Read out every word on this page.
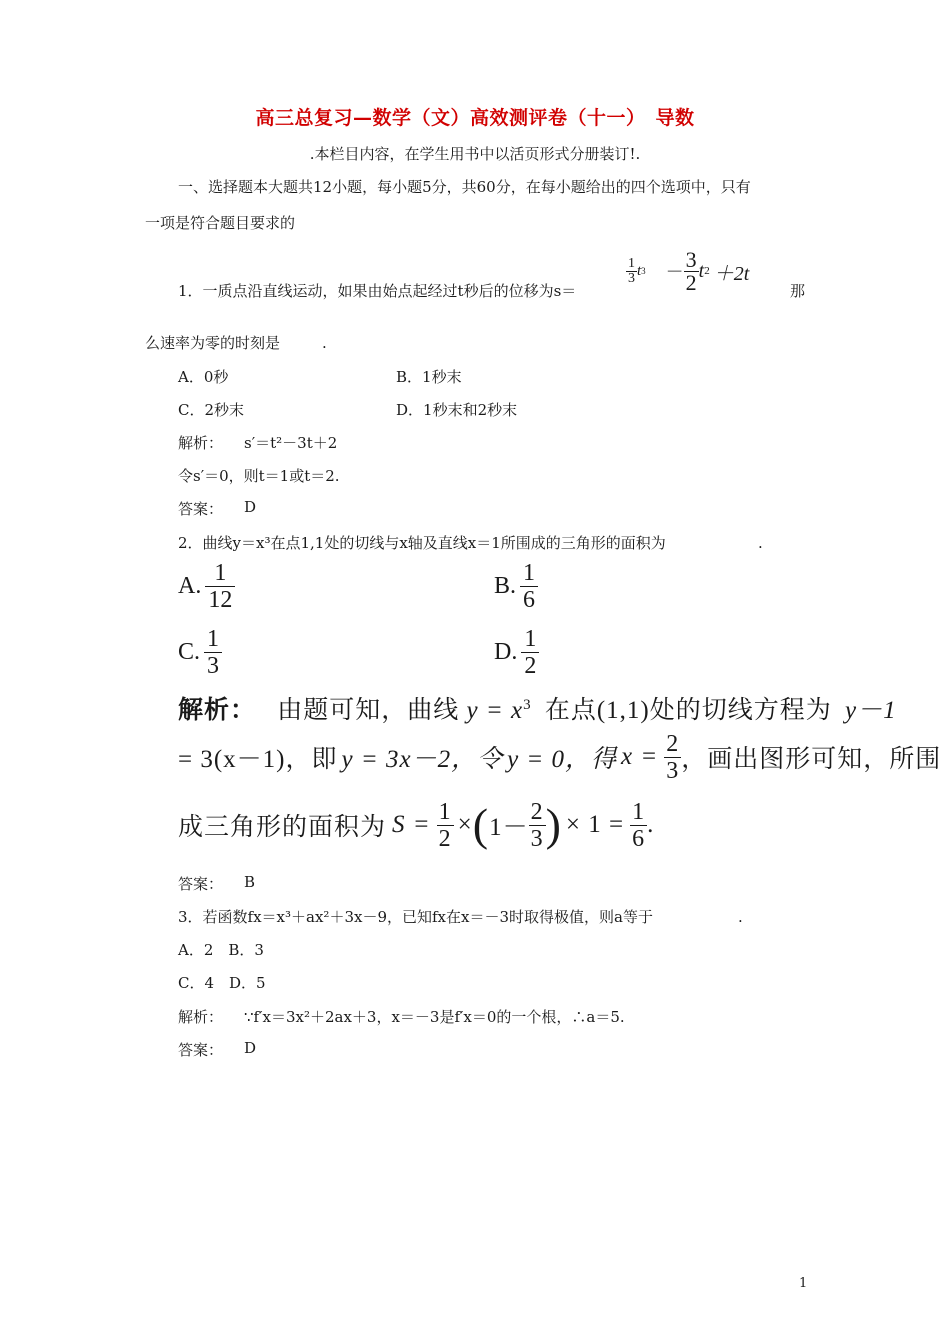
高三总复习—数学（文）高效测评卷（十一）　导数
.本栏目内容，在学生用书中以活页形式分册装订!.
一、选择题本大题共12小题，每小题5分，共60分，在每小题给出的四个选项中，只有
一项是符合题目要求的
1．一质点沿直线运动，如果由始点起经过t秒后的位移为s＝
$\frac{1}{3}$ t $3 - \frac{3}{2}$ t 2 ＋2t
那
么速率为零的时刻是	.
A．0秒	B．1秒末
C．2秒末	D．1秒末和2秒末
解析： s′＝t²－3t＋2
令s′＝0，则t＝1或t＝2.
答案： D
2．曲线y＝x³在点1,1处的切线与x轴及直线x＝1所围成的三角形的面积为	.
A. $\frac{1}{12}$	B. $\frac{1}{6}$
C. $\frac{1}{3}$	D. $\frac{1}{2}$
解析： 由题可知，曲线 $y = x^3$ 在点(1,1)处的切线方程为 y－1
= 3(x－1)，即 y = 3x－2，令 y = 0，得 $x = \frac{2}{3}$ ，画出图形可知，所围
成三角形的面积为 $S = \frac{1}{2}$ × ( $1- \frac{2}{3}$ ) × $1 = \frac{1}{6}$ .
答案： B
3．若函数fx＝x³＋ax²＋3x－9，已知fx在x＝－3时取得极值，则a等于	.
A．2　B．3
C．4　D．5
解析： ∵f′x＝3x²＋2ax＋3，x＝－3是f′x＝0的一个根，∴a＝5.
答案： D
1
